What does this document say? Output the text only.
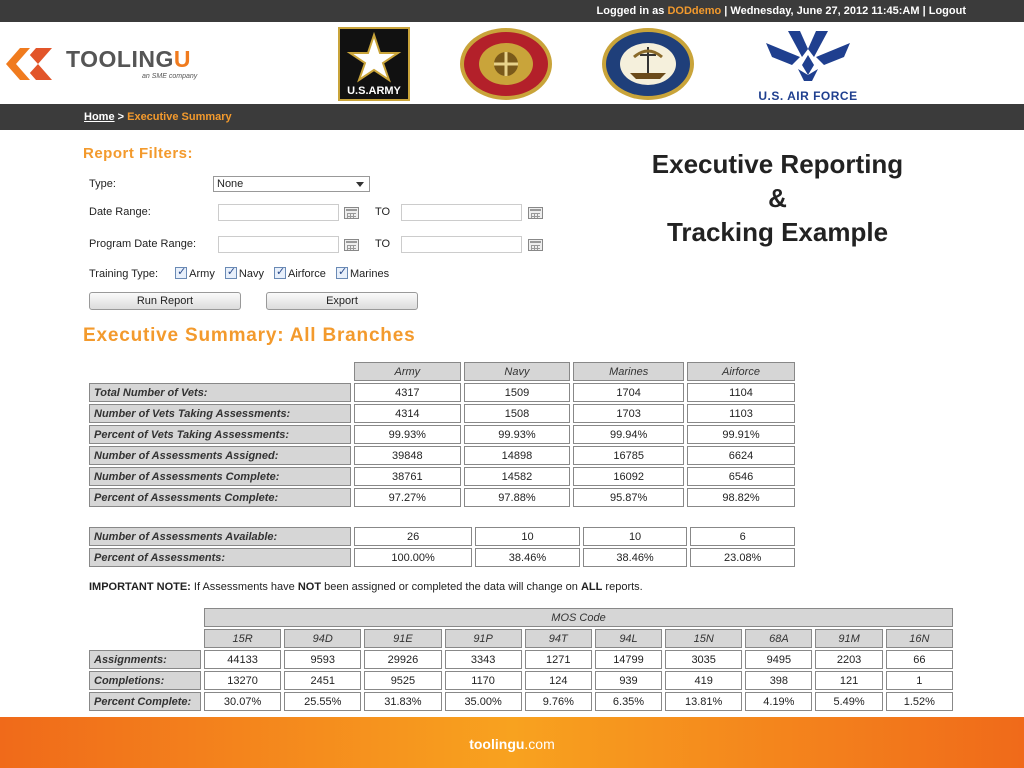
Logged in as DODdemo | Wednesday, June 27, 2012 11:45:AM | Logout
TOOLINGU
an SME company
U.S.ARMY	U.S. AIR FORCE
Home > Executive Summary
Report Filters:
Type:	None
Date Range:	TO
Program Date Range:	TO
Training Type: ✓	Army ✓ Navy ✓ Airforce ✓ Marines
Run Report	Export
Executive Reporting
&
Tracking Example
Executive Summary: All Branches
	Army	Navy	Marines	Airforce
Total Number of Vets:	4317	1509	1704	1104
Number of Vets Taking Assessments:	4314	1508	1703	1103
Percent of Vets Taking Assessments:	99.93%	99.93%	99.94%	99.91%
Number of Assessments Assigned:	39848	14898	16785	6624
Number of Assessments Complete:	38761	14582	16092	6546
Percent of Assessments Complete:	97.27%	97.88%	95.87%	98.82%
Number of Assessments Available:	26	10	10	6
Percent of Assessments:	100.00%	38.46%	38.46%	23.08%
IMPORTANT NOTE: If Assessments have NOT been assigned or completed the data will change on ALL reports.
	MOS Code									
	15R	94D	91E	91P	94T	94L	15N	68A	91M	16N
Assignments:	44133	9593	29926	3343	1271	14799	3035	9495	2203	66
Completions:	13270	2451	9525	1170	124	939	419	398	121	1
Percent Complete:	30.07%	25.55%	31.83%	35.00%	9.76%	6.35%	13.81%	4.19%	5.49%	1.52%
toolingu.com
